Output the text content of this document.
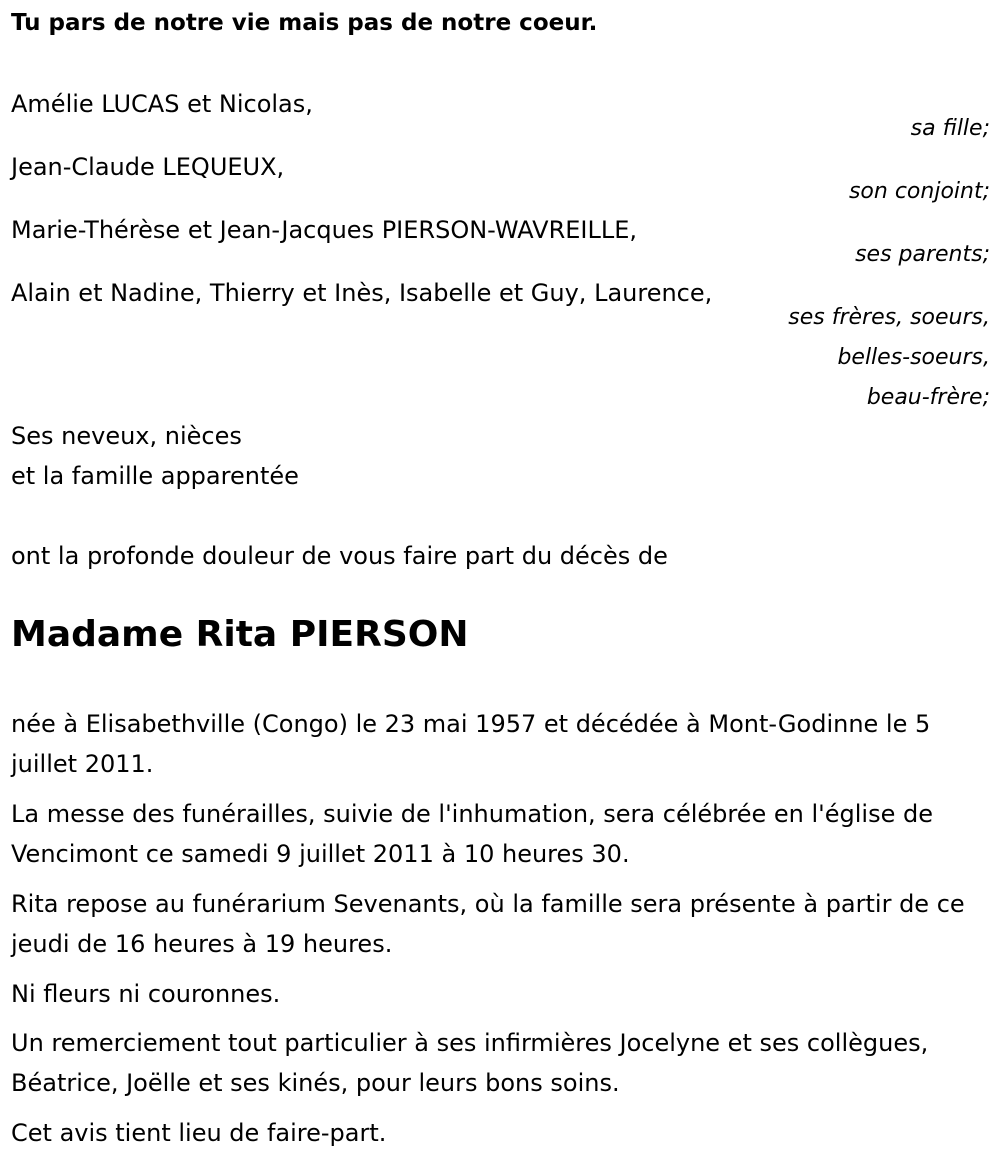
Tu pars de notre vie mais pas de notre coeur.
Amélie LUCAS et Nicolas,
sa fille;
Jean-Claude LEQUEUX,
son conjoint;
Marie-Thérèse et Jean-Jacques PIERSON-WAVREILLE,
ses parents;
Alain et Nadine, Thierry et Inès, Isabelle et Guy, Laurence,
ses frères, soeurs,
belles-soeurs,
beau-frère;
Ses neveux, nièces
et la famille apparentée
ont la profonde douleur de vous faire part du décès de
Madame Rita PIERSON
née à Elisabethville (Congo) le 23 mai 1957 et décédée à Mont-Godinne le 5 juillet 2011.
La messe des funérailles, suivie de l'inhumation, sera célébrée en l'église de Vencimont ce samedi 9 juillet 2011 à 10 heures 30.
Rita repose au funérarium Sevenants, où la famille sera présente à partir de ce jeudi de 16 heures à 19 heures.
Ni fleurs ni couronnes.
Un remerciement tout particulier à ses infirmières Jocelyne et ses collègues, Béatrice, Joëlle et ses kinés, pour leurs bons soins.
Cet avis tient lieu de faire-part.
